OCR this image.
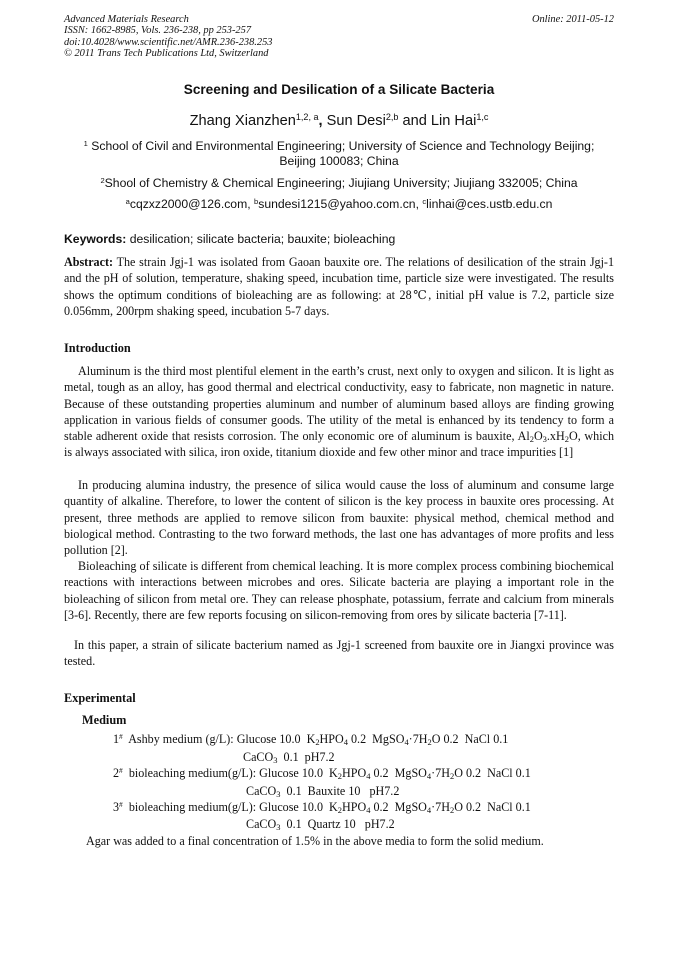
Advanced Materials Research
ISSN: 1662-8985, Vols. 236-238, pp 253-257
doi:10.4028/www.scientific.net/AMR.236-238.253
© 2011 Trans Tech Publications Ltd, Switzerland
Online: 2011-05-12
Screening and Desilication of a Silicate Bacteria
Zhang Xianzhen$^{1,2, a}$, Sun Desi$^{2,b}$ and Lin Hai$^{1,c}$
$^1$ School of Civil and Environmental Engineering; University of Science and Technology Beijing; Beijing 100083; China
$^2$Shool of Chemistry & Chemical Engineering; Jiujiang University; Jiujiang 332005; China
$^a$cqzxz2000@126.com, $^b$sundesi1215@yahoo.com.cn, $^c$linhai@ces.ustb.edu.cn
Keywords: desilication; silicate bacteria; bauxite; bioleaching
Abstract: The strain Jgj-1 was isolated from Gaoan bauxite ore. The relations of desilication of the strain Jgj-1 and the pH of solution, temperature, shaking speed, incubation time, particle size were investigated. The results shows the optimum conditions of bioleaching are as following: at 28℃, initial pH value is 7.2, particle size 0.056mm, 200rpm shaking speed, incubation 5-7 days.
Introduction
Aluminum is the third most plentiful element in the earth’s crust, next only to oxygen and silicon. It is light as metal, tough as an alloy, has good thermal and electrical conductivity, easy to fabricate, non magnetic in nature. Because of these outstanding properties aluminum and number of aluminum based alloys are finding growing application in various fields of consumer goods. The utility of the metal is enhanced by its tendency to form a stable adherent oxide that resists corrosion. The only economic ore of aluminum is bauxite, $Al_2O_3.xH_2O$, which is always associated with silica, iron oxide, titanium dioxide and few other minor and trace impurities [1]
In producing alumina industry, the presence of silica would cause the loss of aluminum and consume large quantity of alkaline. Therefore, to lower the content of silicon is the key process in bauxite ores processing. At present, three methods are applied to remove silicon from bauxite: physical method, chemical method and biological method. Contrasting to the two forward methods, the last one has advantages of more profits and less pollution [2].
Bioleaching of silicate is different from chemical leaching. It is more complex process combining biochemical reactions with interactions between microbes and ores. Silicate bacteria are playing a important role in the bioleaching of silicon from metal ore. They can release phosphate, potassium, ferrate and calcium from minerals [3-6]. Recently, there are few reports focusing on silicon-removing from ores by silicate bacteria [7-11].
In this paper, a strain of silicate bacterium named as Jgj-1 screened from bauxite ore in Jiangxi province was tested.
Experimental
Medium
1# Ashby medium (g/L): Glucose 10.0  $K_2HPO_4$ 0.2  $MgSO_4\cdot 7H_2O$ 0.2  NaCl 0.1
CaCO$_3$  0.1  pH7.2
2# bioleaching medium(g/L): Glucose 10.0  $K_2HPO_4$ 0.2  $MgSO_4\cdot 7H_2O$ 0.2  NaCl 0.1
CaCO$_3$  0.1  Bauxite 10   pH7.2
3# bioleaching medium(g/L): Glucose 10.0  $K_2HPO_4$ 0.2  $MgSO_4\cdot 7H_2O$ 0.2  NaCl 0.1
CaCO$_3$  0.1  Quartz 10   pH7.2
Agar was added to a final concentration of 1.5% in the above media to form the solid medium.
